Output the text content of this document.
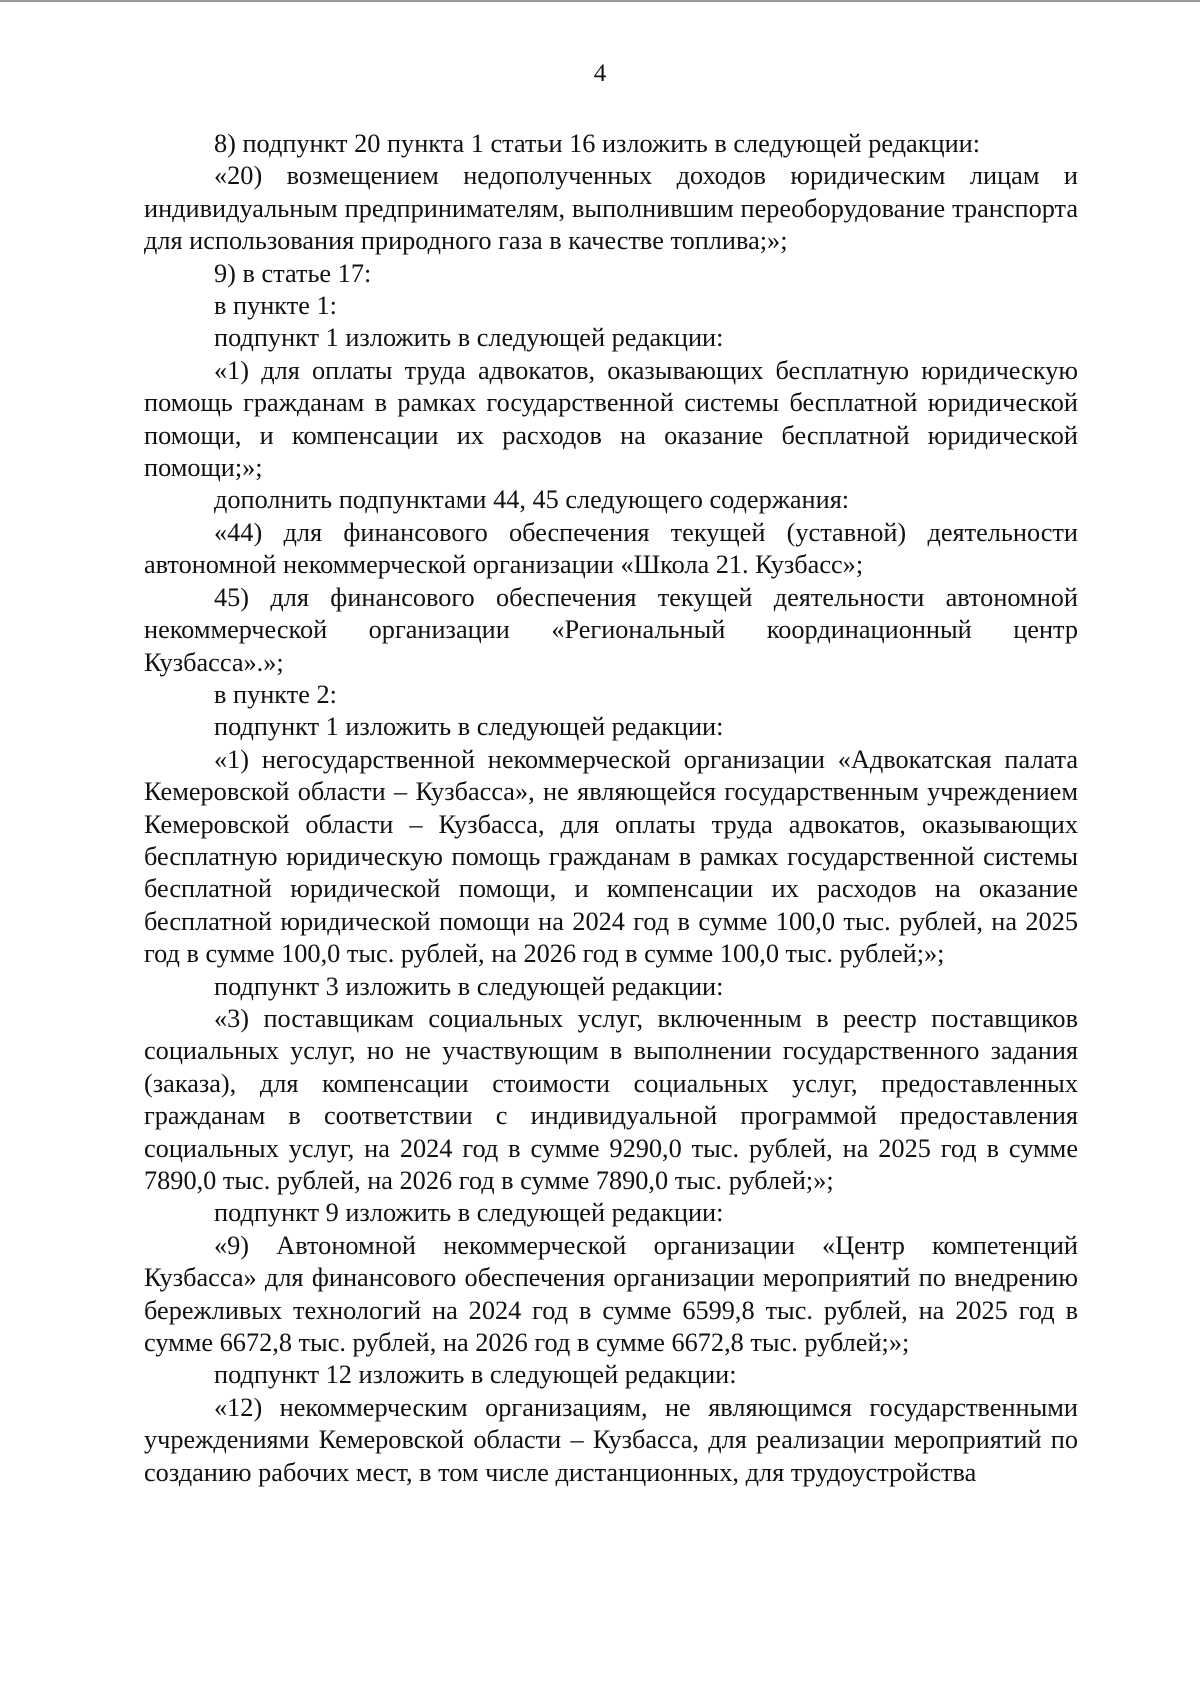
4

8) подпункт 20 пункта 1 статьи 16 изложить в следующей редакции:

«20) возмещением недополученных доходов юридическим лицам и индивидуальным предпринимателям, выполнившим переоборудование транспорта для использования природного газа в качестве топлива;»;

9) в статье 17:

в пункте 1:

подпункт 1 изложить в следующей редакции:

«1) для оплаты труда адвокатов, оказывающих бесплатную юридическую помощь гражданам в рамках государственной системы бесплатной юридической помощи, и компенсации их расходов на оказание бесплатной юридической помощи;»;

дополнить подпунктами 44, 45 следующего содержания:

«44) для финансового обеспечения текущей (уставной) деятельности автономной некоммерческой организации «Школа 21. Кузбасс»;

45) для финансового обеспечения текущей деятельности автономной некоммерческой организации «Региональный координационный центр Кузбасса».»;

в пункте 2:

подпункт 1 изложить в следующей редакции:

«1) негосударственной некоммерческой организации «Адвокатская палата Кемеровской области – Кузбасса», не являющейся государственным учреждением Кемеровской области – Кузбасса, для оплаты труда адвокатов, оказывающих бесплатную юридическую помощь гражданам в рамках государственной системы бесплатной юридической помощи, и компенсации их расходов на оказание бесплатной юридической помощи на 2024 год в сумме 100,0 тыс. рублей, на 2025 год в сумме 100,0 тыс. рублей, на 2026 год в сумме 100,0 тыс. рублей;»;

подпункт 3 изложить в следующей редакции:

«3) поставщикам социальных услуг, включенным в реестр поставщиков социальных услуг, но не участвующим в выполнении государственного задания (заказа), для компенсации стоимости социальных услуг, предоставленных гражданам в соответствии с индивидуальной программой предоставления социальных услуг, на 2024 год в сумме 9290,0 тыс. рублей, на 2025 год в сумме 7890,0 тыс. рублей, на 2026 год в сумме 7890,0 тыс. рублей;»;

подпункт 9 изложить в следующей редакции:

«9) Автономной некоммерческой организации «Центр компетенций Кузбасса» для финансового обеспечения организации мероприятий по внедрению бережливых технологий на 2024 год в сумме 6599,8 тыс. рублей, на 2025 год в сумме 6672,8 тыс. рублей, на 2026 год в сумме 6672,8 тыс. рублей;»;

подпункт 12 изложить в следующей редакции:

«12) некоммерческим организациям, не являющимся государственными учреждениями Кемеровской области – Кузбасса, для реализации мероприятий по созданию рабочих мест, в том числе дистанционных, для трудоустройства
